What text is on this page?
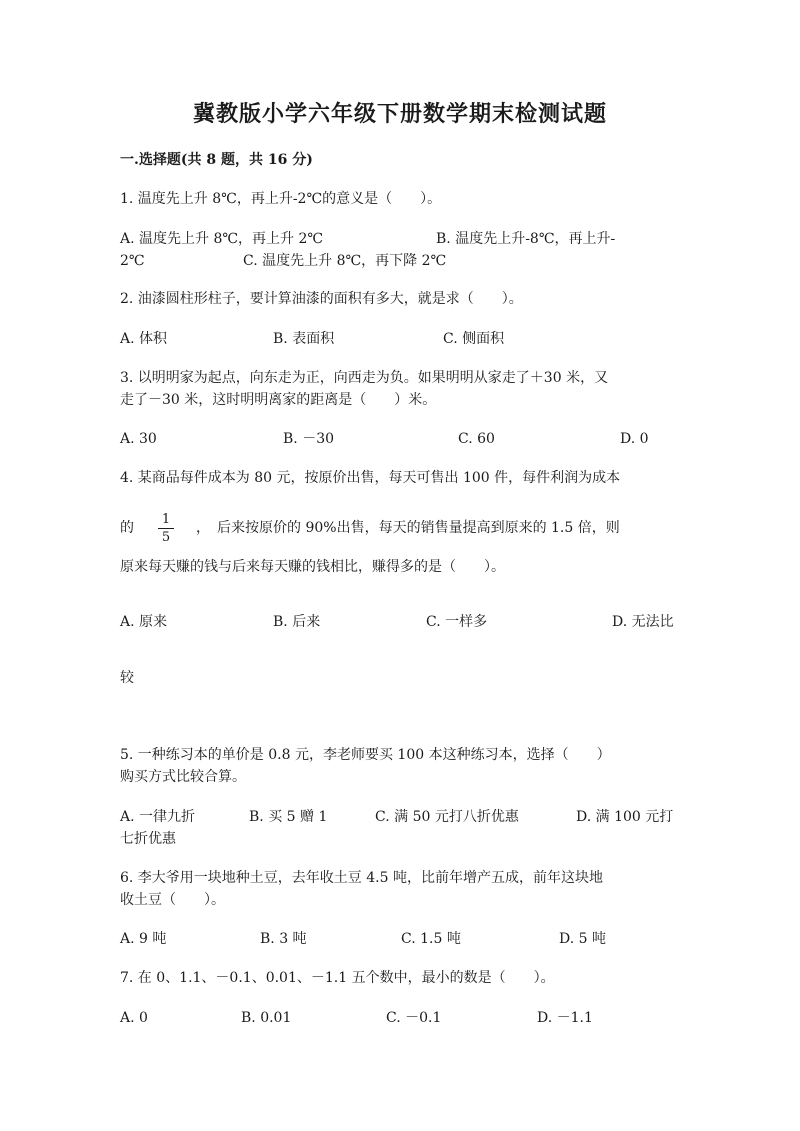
冀教版小学六年级下册数学期末检测试题
一.选择题(共 8 题，共 16 分)
1. 温度先上升 8℃，再上升-2℃的意义是（　　）。
A. 温度先上升 8℃，再上升 2℃	B. 温度先上升-8℃，再上升-
2℃	C. 温度先上升 8℃，再下降 2℃
2. 油漆圆柱形柱子，要计算油漆的面积有多大，就是求（　　）。
A. 体积	B. 表面积	C. 侧面积
3. 以明明家为起点，向东走为正，向西走为负。如果明明从家走了＋30 米，又
走了－30 米，这时明明离家的距离是（　　）米。
A. 30	B. －30	C. 60	D. 0
4. 某商品每件成本为 80 元，按原价出售，每天可售出 100 件，每件利润为成本
的
1
5
，　后来按原价的 90%出售，每天的销售量提高到原来的 1.5 倍，则
原来每天赚的钱与后来每天赚的钱相比，赚得多的是（　　）。
A. 原来	B. 后来	C. 一样多	D. 无法比
较
5. 一种练习本的单价是 0.8 元，李老师要买 100 本这种练习本，选择（　　）
购买方式比较合算。
A. 一律九折	B. 买 5 赠 1	C. 满 50 元打八折优惠	D. 满 100 元打
七折优惠
6. 李大爷用一块地种土豆，去年收土豆 4.5 吨，比前年增产五成，前年这块地
收土豆（　　）。
A. 9 吨	B. 3 吨	C. 1.5 吨	D. 5 吨
7. 在 0、1.1、－0.1、0.01、－1.1 五个数中，最小的数是（　　）。
A. 0	B. 0.01	C. －0.1	D. －1.1
